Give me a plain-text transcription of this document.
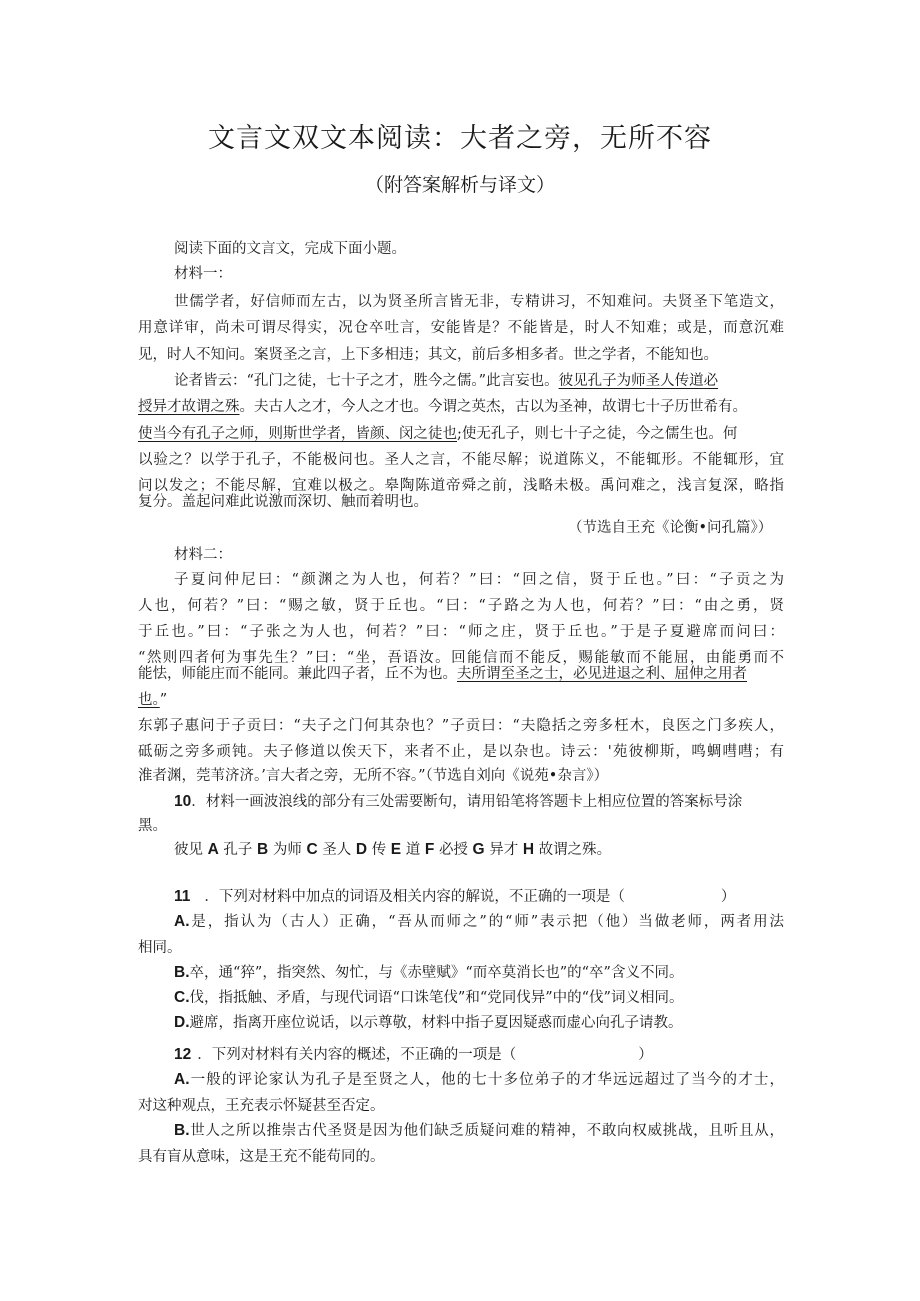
文言文双文本阅读：大者之旁，无所不容
（附答案解析与译文）
阅读下面的文言文，完成下面小题。
材料一：
世儒学者，好信师而左古，以为贤圣所言皆无非，专精讲习，不知难问。夫贤圣下笔造文，
用意详审，尚未可谓尽得实，况仓卒吐言，安能皆是？不能皆是，时人不知难；或是，而意沉难
见，时人不知问。案贤圣之言，上下多相违；其文，前后多相多者。世之学者，不能知也。
论者皆云：“孔门之徒，七十子之才，胜今之儒。”此言妄也。彼见孔子为师圣人传道必
授异才故谓之殊。夫古人之才，今人之才也。今谓之英杰，古以为圣神，故谓七十子历世希有。
使当今有孔子之师，则斯世学者，皆颜、闵之徒也;使无孔子，则七十子之徒，今之儒生也。何
以验之？以学于孔子，不能极问也。圣人之言，不能尽解；说道陈义，不能辄形。不能辄形，宜
问以发之；不能尽解，宜难以极之。皋陶陈道帝舜之前，浅略未极。禹问难之，浅言复深，略指
复分。盖起问难此说激而深切、触而着明也。
（节选自王充《论衡•问孔篇》）
材料二：
子夏问仲尼曰：“颜渊之为人也，何若？”曰：“回之信，贤于丘也。”曰：“子贡之为
人也，何若？”曰：“赐之敏，贤于丘也。“曰：“子路之为人也，何若？”曰：“由之勇，贤
于丘也。”曰：“子张之为人也，何若？”曰：“师之庄，贤于丘也。”于是子夏避席而问曰：
“然则四者何为事先生？”曰：“坐，吾语汝。回能信而不能反，赐能敏而不能屈，由能勇而不
能怯，师能庄而不能同。兼此四子者，丘不为也。夫所谓至圣之士，必见进退之利、屈伸之用者
也。”
东郭子惠问于子贡曰：“夫子之门何其杂也？”子贡曰：“夫隐括之旁多枉木，良医之门多疾人，
砥砺之旁多顽钝。夫子修道以俟天下，来者不止，是以杂也。诗云：'苑彼柳斯，鸣蜩嘒嘒；有
淮者渊，莞苇济济。’言大者之旁，无所不容。”（节选自刘向《说苑•杂言》）
10．材料一画波浪线的部分有三处需要断句，请用铅笔将答题卡上相应位置的答案标号涂
黑。
彼见 A 孔子 B 为师 C 圣人 D 传 E 道 F 必授 G 异才 H 故谓之殊。
11 ．下列对材料中加点的词语及相关内容的解说，不正确的一项是（	）
A.是，指认为（古人）正确，“吾从而师之”的“师”表示把（他）当做老师，两者用法
相同。
B.卒，通“猝”，指突然、匆忙，与《赤壁赋》“而卒莫消长也”的“卒”含义不同。
C.伐，指抵触、矛盾，与现代词语“口诛笔伐”和“党同伐异”中的“伐”词义相同。
D.避席，指离开座位说话，以示尊敬，材料中指子夏因疑惑而虚心向孔子请教。
12 ．下列对材料有关内容的概述，不正确的一项是（	）
A.一般的评论家认为孔子是至贤之人，他的七十多位弟子的才华远远超过了当今的才士，
对这种观点，王充表示怀疑甚至否定。
B.世人之所以推崇古代圣贤是因为他们缺乏质疑问难的精神，不敢向权威挑战，且听且从，
具有盲从意味，这是王充不能苟同的。
